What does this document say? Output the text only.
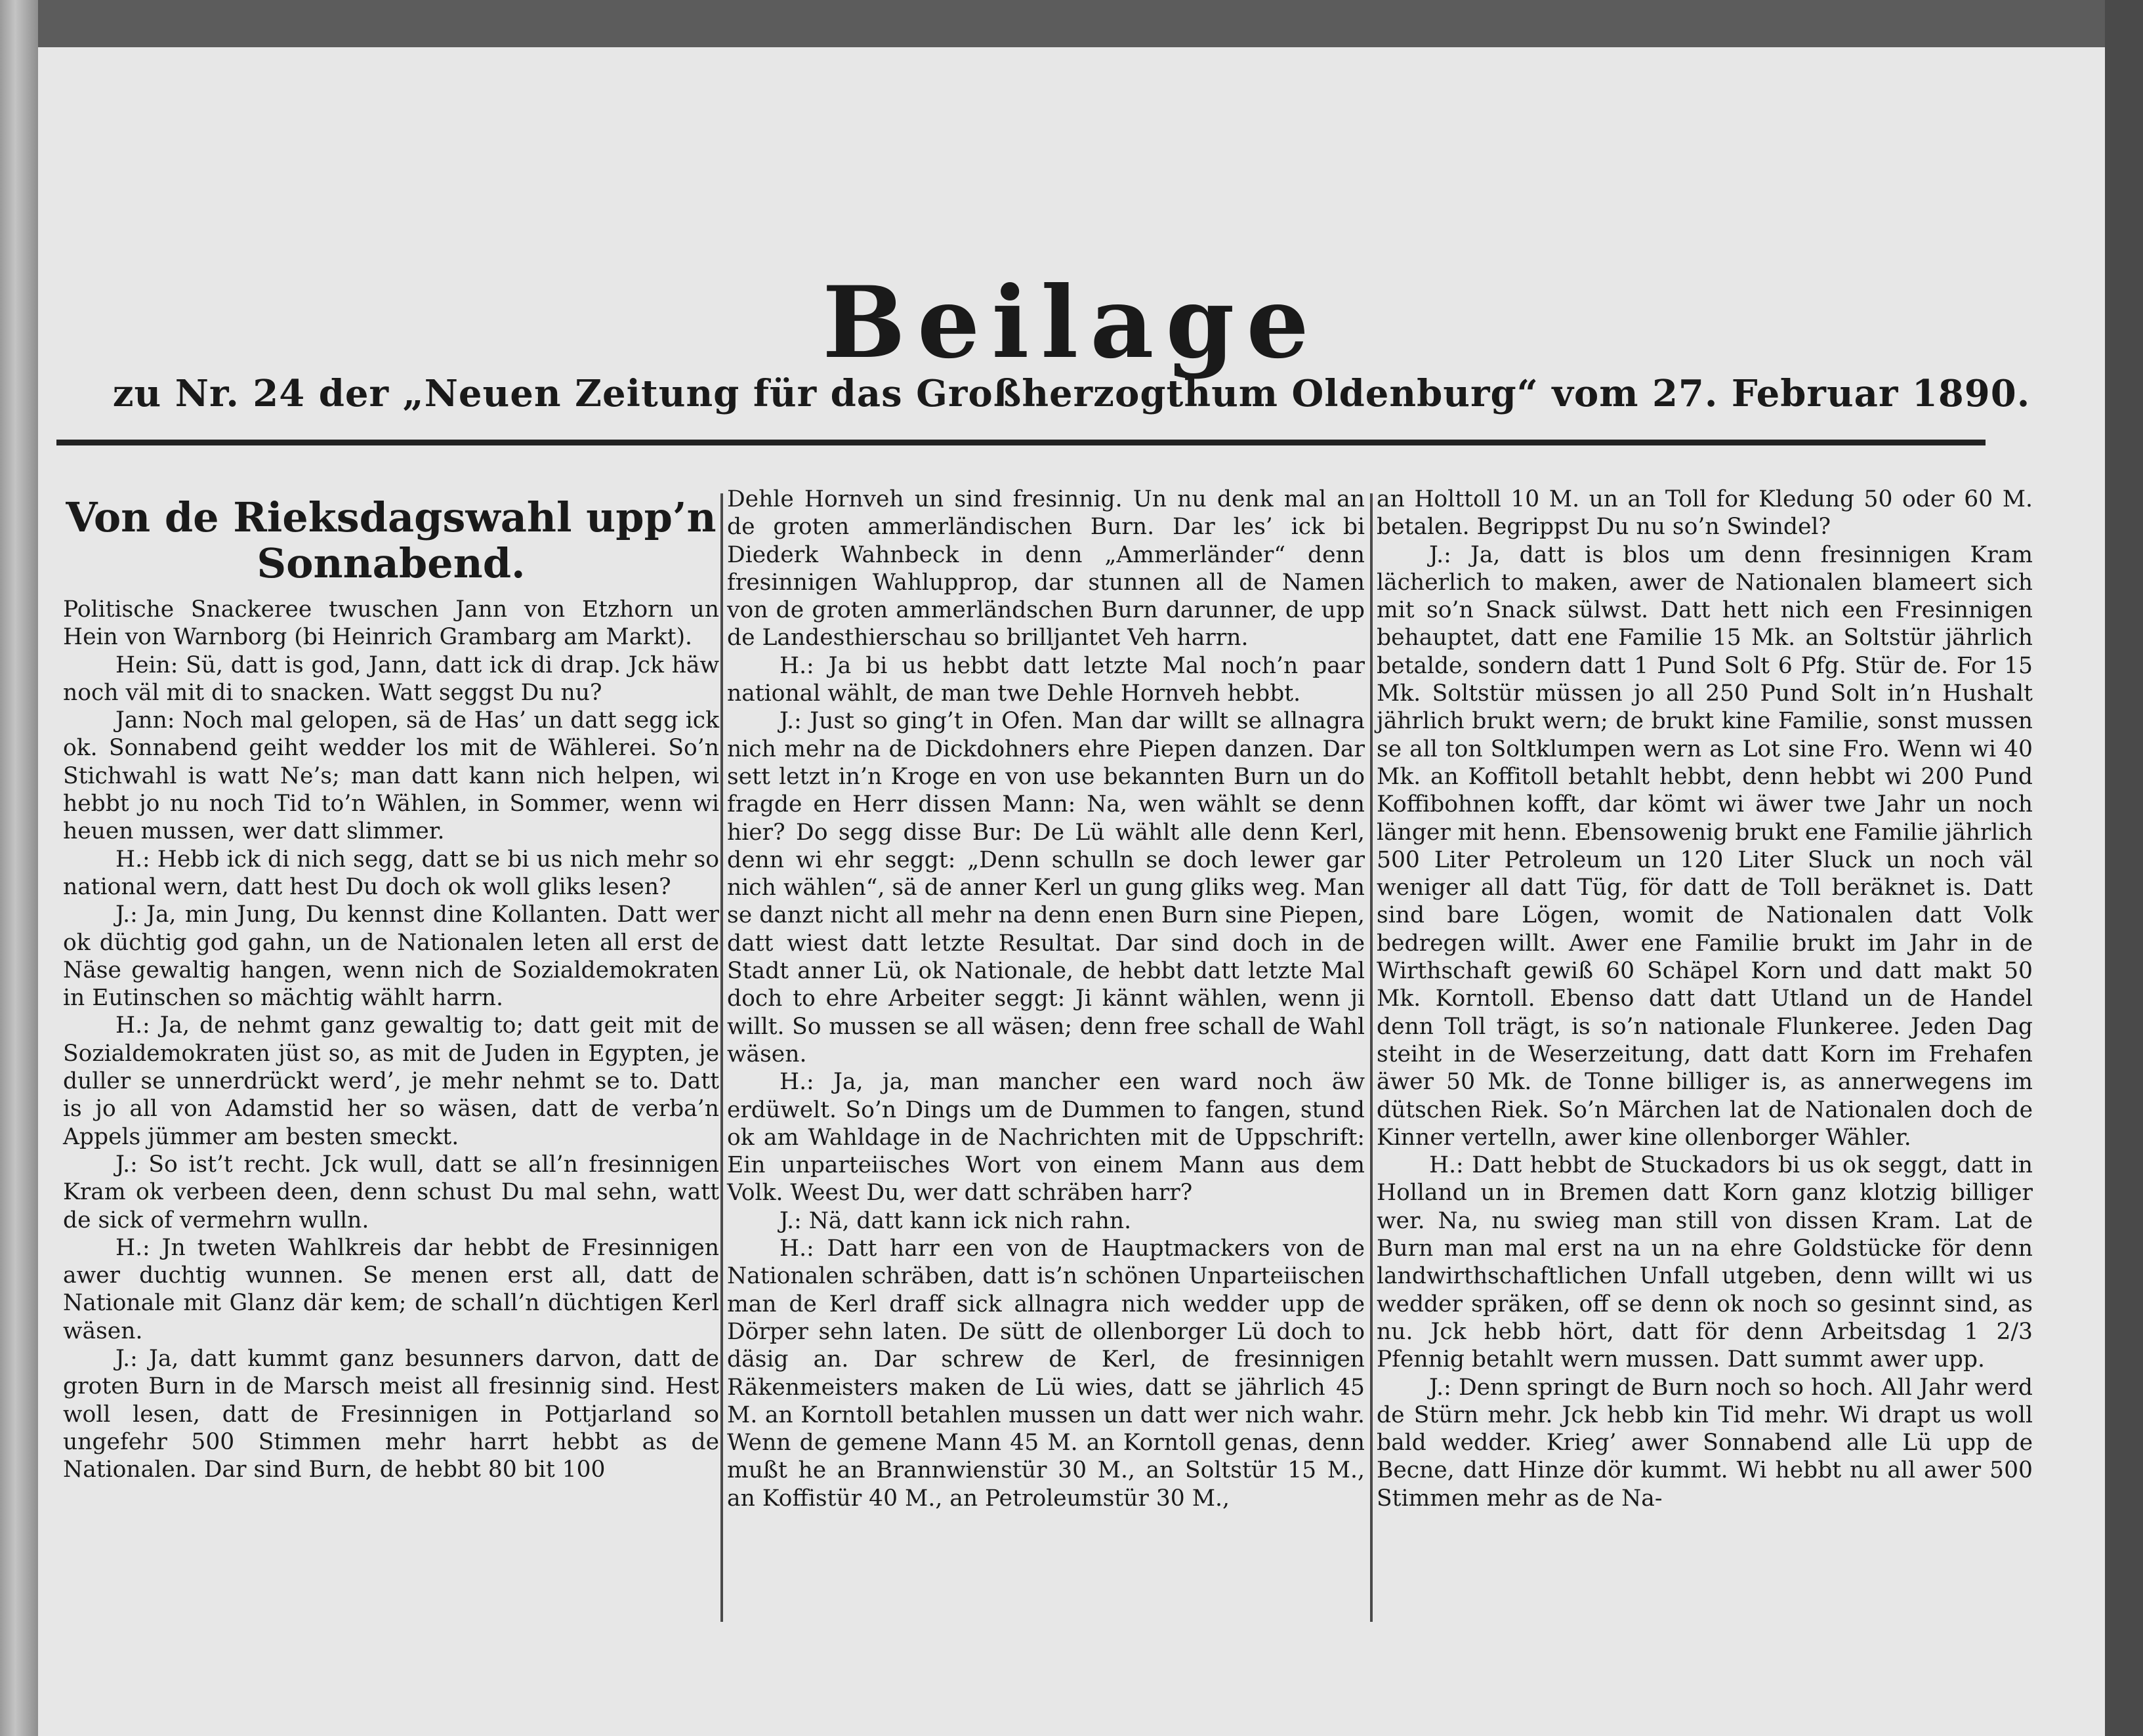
Beilage
zu Nr. 24 der „Neuen Zeitung für das Großherzogthum Oldenburg“ vom 27. Februar 1890.

Von de Rieksdagswahl upp’n Sonnabend.

Politische Snackeree twuschen Jann von Etzhorn un Hein von Warnborg (bi Heinrich Grambarg am Markt).

Hein: Sü, datt is god, Jann, datt ick di drap. Jck häw noch väl mit di to snacken. Watt seggst Du nu?

Jann: Noch mal gelopen, sä de Has’ un datt segg ick ok. Sonnabend geiht wedder los mit de Wählerei. So’n Stichwahl is watt Ne’s; man datt kann nich helpen, wi hebbt jo nu noch Tid to’n Wählen, in Sommer, wenn wi heuen mussen, wer datt slimmer.

H.: Hebb ick di nich segg, datt se bi us nich mehr so national wern, datt hest Du doch ok woll gliks lesen?

J.: Ja, min Jung, Du kennst dine Kollanten. Datt wer ok düchtig god gahn, un de Nationalen leten all erst de Näse gewaltig hangen, wenn nich de Sozialdemokraten in Eutinschen so mächtig wählt harrn.

H.: Ja, de nehmt ganz gewaltig to; datt geit mit de Sozialdemokraten jüst so, as mit de Juden in Egypten, je duller se unnerdrückt werd’, je mehr nehmt se to. Datt is jo all von Adamstid her so wäsen, datt de verba’n Appels jümmer am besten smeckt.

J.: So ist’t recht. Jck wull, datt se all’n fresinnigen Kram ok verbeen deen, denn schust Du mal sehn, watt de sick of vermehrn wulln.

H.: Jn tweten Wahlkreis dar hebbt de Fresinnigen awer duchtig wunnen. Se menen erst all, datt de Nationale mit Glanz där kem; de schall’n düchtigen Kerl wäsen.

J.: Ja, datt kummt ganz besunners darvon, datt de groten Burn in de Marsch meist all fresinnig sind. Hest woll lesen, datt de Fresinnigen in Pottjarland so ungefehr 500 Stimmen mehr harrt hebbt as de Nationalen. Dar sind Burn, de hebbt 80 bit 100

Dehle Hornveh un sind fresinnig. Un nu denk mal an de groten ammerländischen Burn. Dar les’ ick bi Diederk Wahnbeck in denn „Ammerländer“ denn fresinnigen Wahlupprop, dar stunnen all de Namen von de groten ammerländschen Burn darunner, de upp de Landesthierschau so brilljantet Veh harrn.

H.: Ja bi us hebbt datt letzte Mal noch’n paar national wählt, de man twe Dehle Hornveh hebbt.

J.: Just so ging’t in Ofen. Man dar willt se allnagra nich mehr na de Dickdohners ehre Piepen danzen. Dar sett letzt in’n Kroge en von use bekannten Burn un do fragde en Herr dissen Mann: Na, wen wählt se denn hier? Do segg disse Bur: De Lü wählt alle denn Kerl, denn wi ehr seggt: „Denn schulln se doch lewer gar nich wählen“, sä de anner Kerl un gung gliks weg. Man se danzt nicht all mehr na denn enen Burn sine Piepen, datt wiest datt letzte Resultat. Dar sind doch in de Stadt anner Lü, ok Nationale, de hebbt datt letzte Mal doch to ehre Arbeiter seggt: Ji kännt wählen, wenn ji willt. So mussen se all wäsen; denn free schall de Wahl wäsen.

H.: Ja, ja, man mancher een ward noch äw erdüwelt. So’n Dings um de Dummen to fangen, stund ok am Wahldage in de Nachrichten mit de Uppschrift: Ein unparteiisches Wort von einem Mann aus dem Volk. Weest Du, wer datt schräben harr?

J.: Nä, datt kann ick nich rahn.

H.: Datt harr een von de Hauptmackers von de Nationalen schräben, datt is’n schönen Unparteiischen man de Kerl draff sick allnagra nich wedder upp de Dörper sehn laten. De sütt de ollenborger Lü doch to däsig an. Dar schrew de Kerl, de fresinnigen Räkenmeisters maken de Lü wies, datt se jährlich 45 M. an Korntoll betahlen mussen un datt wer nich wahr. Wenn de gemene Mann 45 M. an Korntoll genas, denn mußt he an Brannwienstür 30 M., an Soltstür 15 M., an Koffistür 40 M., an Petroleumstür 30 M.,

an Holttoll 10 M. un an Toll for Kledung 50 oder 60 M. betalen. Begrippst Du nu so’n Swindel?

J.: Ja, datt is blos um denn fresinnigen Kram lächerlich to maken, awer de Nationalen blameert sich mit so’n Snack sülwst. Datt hett nich een Fresinnigen behauptet, datt ene Familie 15 Mk. an Soltstür jährlich betalde, sondern datt 1 Pund Solt 6 Pfg. Stür de. For 15 Mk. Soltstür müssen jo all 250 Pund Solt in’n Hushalt jährlich brukt wern; de brukt kine Familie, sonst mussen se all ton Soltklumpen wern as Lot sine Fro. Wenn wi 40 Mk. an Koffitoll betahlt hebbt, denn hebbt wi 200 Pund Koffibohnen kofft, dar kömt wi äwer twe Jahr un noch länger mit henn. Ebensowenig brukt ene Familie jährlich 500 Liter Petroleum un 120 Liter Sluck un noch väl weniger all datt Tüg, för datt de Toll beräknet is. Datt sind bare Lögen, womit de Nationalen datt Volk bedregen willt. Awer ene Familie brukt im Jahr in de Wirthschaft gewiß 60 Schäpel Korn und datt makt 50 Mk. Korntoll. Ebenso datt datt Utland un de Handel denn Toll trägt, is so’n nationale Flunkeree. Jeden Dag steiht in de Weserzeitung, datt datt Korn im Frehafen äwer 50 Mk. de Tonne billiger is, as annerwegens im dütschen Riek. So’n Märchen lat de Nationalen doch de Kinner vertelln, awer kine ollenborger Wähler.

H.: Datt hebbt de Stuckadors bi us ok seggt, datt in Holland un in Bremen datt Korn ganz klotzig billiger wer. Na, nu swieg man still von dissen Kram. Lat de Burn man mal erst na un na ehre Goldstücke för denn landwirthschaftlichen Unfall utgeben, denn willt wi us wedder spräken, off se denn ok noch so gesinnt sind, as nu. Jck hebb hört, datt för denn Arbeitsdag 1 2/3 Pfennig betahlt wern mussen. Datt summt awer upp.

J.: Denn springt de Burn noch so hoch. All Jahr werd de Stürn mehr. Jck hebb kin Tid mehr. Wi drapt us woll bald wedder. Krieg’ awer Sonnabend alle Lü upp de Becne, datt Hinze dör kummt. Wi hebbt nu all awer 500 Stimmen mehr as de Na-
